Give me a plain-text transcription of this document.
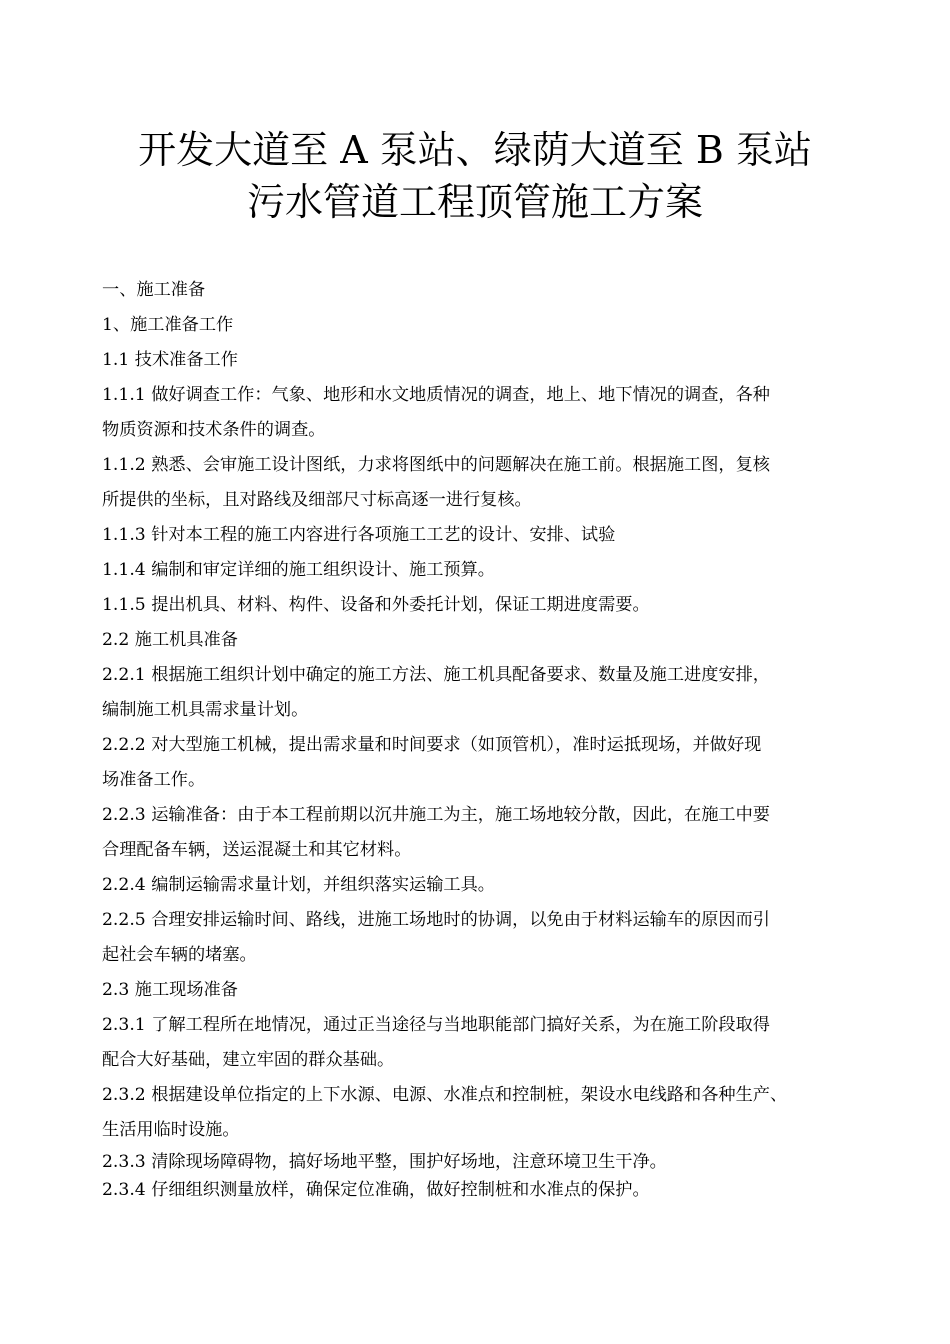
开发大道至 A 泵站、绿荫大道至 B 泵站
污水管道工程顶管施工方案

一、施工准备

1、施工准备工作

1.1 技术准备工作

1.1.1 做好调查工作：气象、地形和水文地质情况的调查，地上、地下情况的调查，各种

物质资源和技术条件的调查。

1.1.2 熟悉、会审施工设计图纸，力求将图纸中的问题解决在施工前。根据施工图，复核

所提供的坐标，且对路线及细部尺寸标高逐一进行复核。

1.1.3 针对本工程的施工内容进行各项施工工艺的设计、安排、试验

1.1.4 编制和审定详细的施工组织设计、施工预算。

1.1.5 提出机具、材料、构件、设备和外委托计划，保证工期进度需要。

2.2 施工机具准备

2.2.1 根据施工组织计划中确定的施工方法、施工机具配备要求、数量及施工进度安排，

编制施工机具需求量计划。

2.2.2 对大型施工机械，提出需求量和时间要求（如顶管机），准时运抵现场，并做好现

场准备工作。

2.2.3 运输准备：由于本工程前期以沉井施工为主，施工场地较分散，因此，在施工中要

合理配备车辆，送运混凝土和其它材料。

2.2.4 编制运输需求量计划，并组织落实运输工具。

2.2.5 合理安排运输时间、路线，进施工场地时的协调，以免由于材料运输车的原因而引

起社会车辆的堵塞。

2.3 施工现场准备

2.3.1 了解工程所在地情况，通过正当途径与当地职能部门搞好关系，为在施工阶段取得

配合大好基础，建立牢固的群众基础。

2.3.2 根据建设单位指定的上下水源、电源、水准点和控制桩，架设水电线路和各种生产、

生活用临时设施。

2.3.3 清除现场障碍物，搞好场地平整，围护好场地，注意环境卫生干净。

2.3.4 仔细组织测量放样，确保定位准确，做好控制桩和水准点的保护。
